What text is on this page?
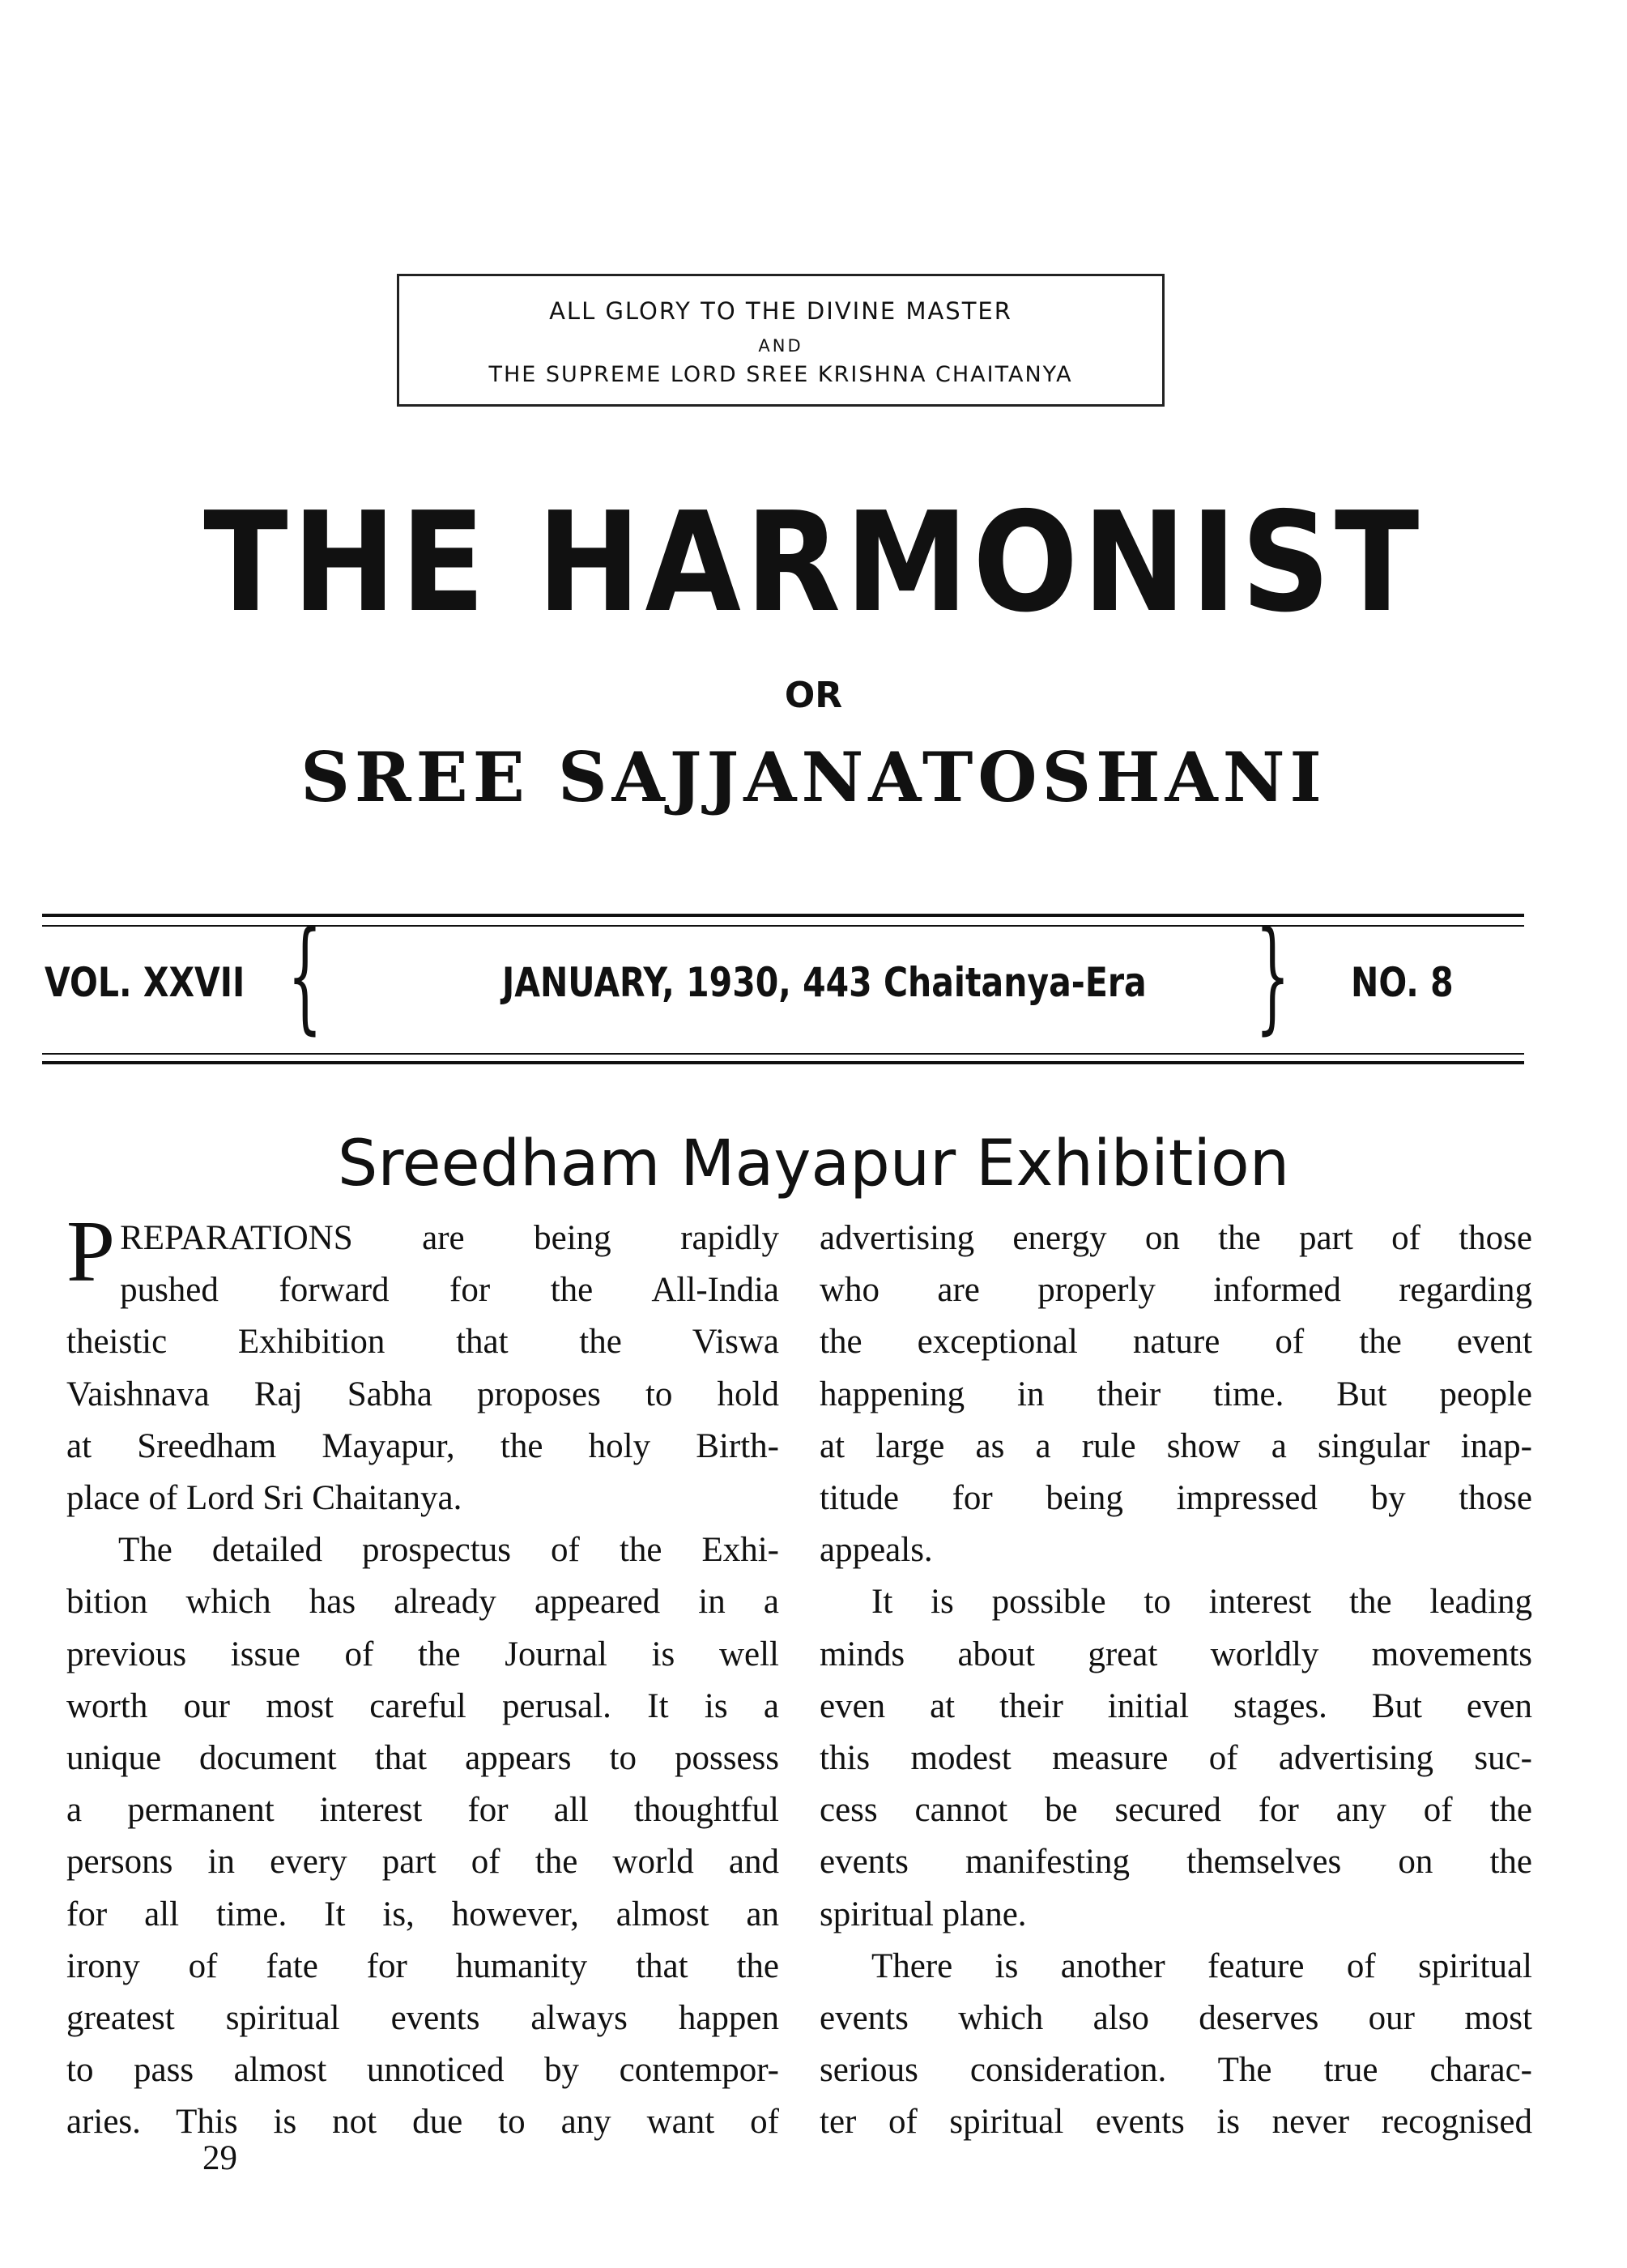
ALL GLORY TO THE DIVINE MASTER
AND
THE SUPREME LORD SREE KRISHNA CHAITANYA
THE HARMONIST
OR
SREE SAJJANATOSHANI
VOL. XXVII {	JANUARY, 1930, 443 Chaitanya-Era } NO. 8
Sreedham Mayapur Exhibition
P REPARATIONS are being rapidly
pushed forward for the All-India
theistic Exhibition that the Viswa
Vaishnava Raj Sabha proposes to hold
at Sreedham Mayapur, the holy Birth-
place of Lord Sri Chaitanya.
The detailed prospectus of the Exhi-
bition which has already appeared in a
previous issue of the Journal is well
worth our most careful perusal. It is a
unique document that appears to possess
a permanent interest for all thoughtful
persons in every part of the world and
for all time. It is, however, almost an
irony of fate for humanity that the
greatest spiritual events always happen
to pass almost unnoticed by contempor-
aries. This is not due to any want of
advertising energy on the part of those
who are properly informed regarding
the exceptional nature of the event
happening in their time. But people
at large as a rule show a singular inap-
titude for being impressed by those
appeals.
It is possible to interest the leading
minds about great worldly movements
even at their initial stages. But even
this modest measure of advertising suc-
cess cannot be secured for any of the
events manifesting themselves on the
spiritual plane.
There is another feature of spiritual
events which also deserves our most
serious consideration. The true charac-
ter of spiritual events is never recognised
29
